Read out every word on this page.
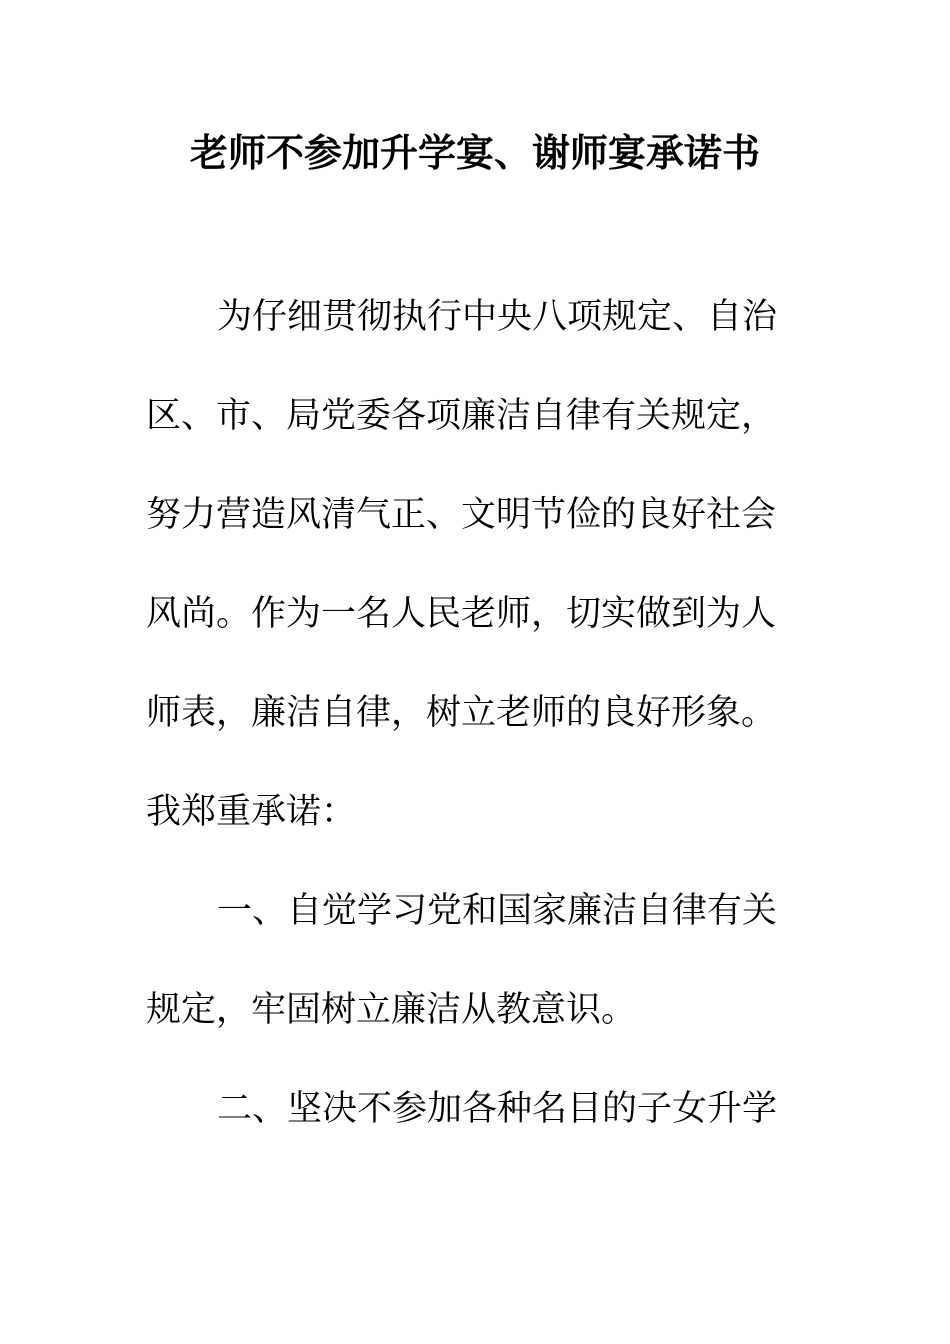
老师不参加升学宴、谢师宴承诺书
为仔细贯彻执行中央八项规定、自治
区、市、局党委各项廉洁自律有关规定，
努力营造风清气正、文明节俭的良好社会
风尚。作为一名人民老师，切实做到为人
师表，廉洁自律，树立老师的良好形象。
我郑重承诺：
一、自觉学习党和国家廉洁自律有关
规定，牢固树立廉洁从教意识。
二、坚决不参加各种名目的子女升学
